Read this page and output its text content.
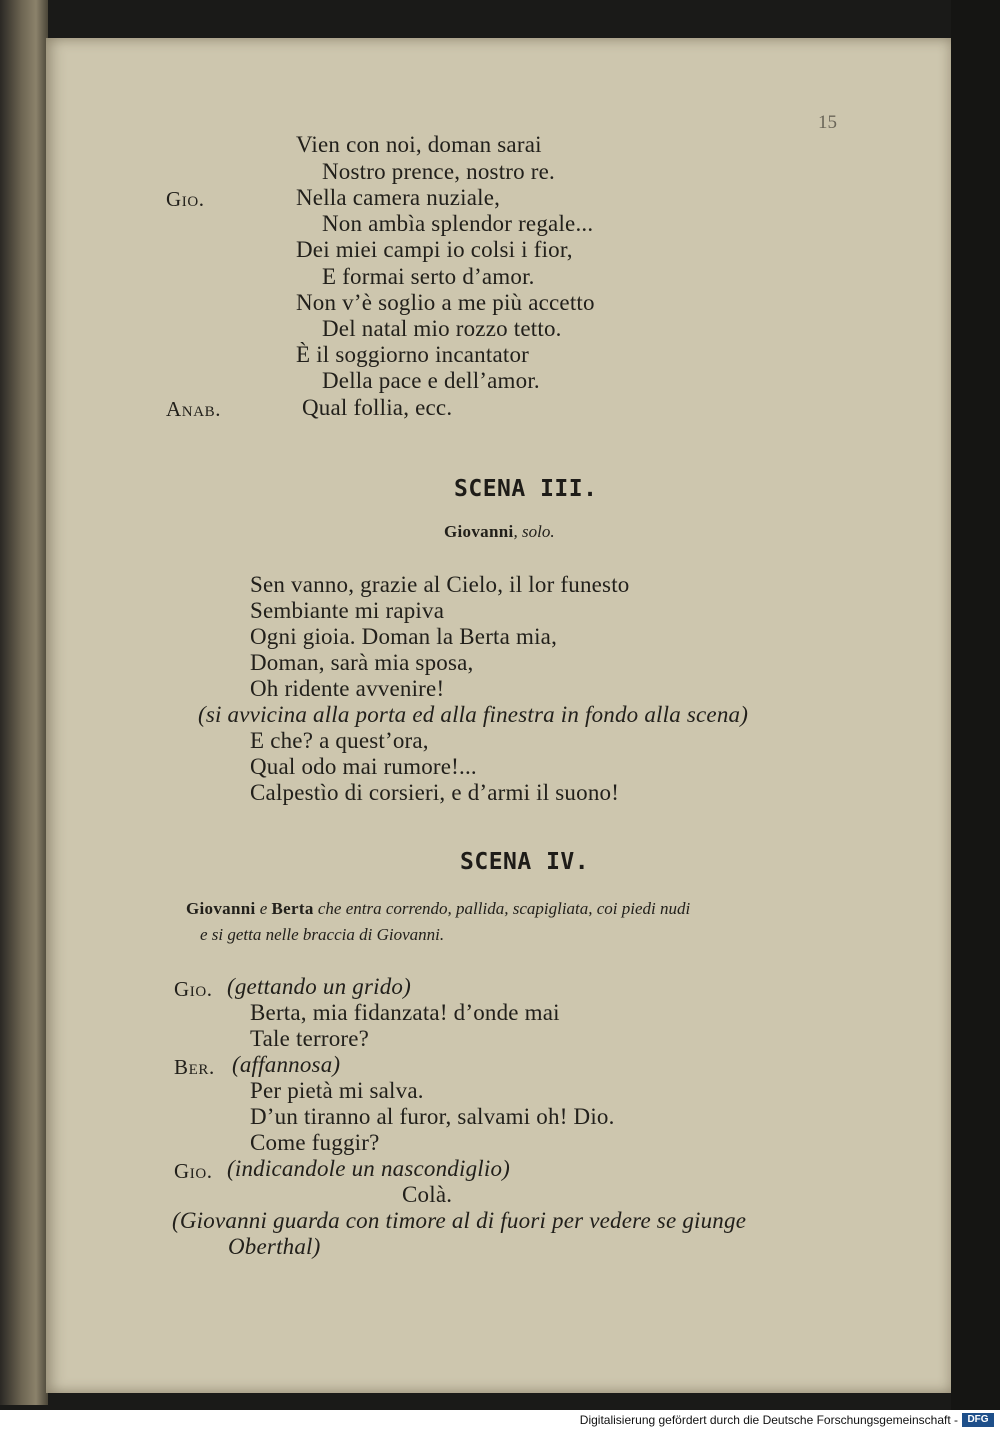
15
Vien con noi, doman sarai
Nostro prence, nostro re.
Gio.	Nella camera nuziale,
Non ambìa splendor regale...
Dei miei campi io colsi i fior,
E formai serto d’amor.
Non v’è soglio a me più accetto
Del natal mio rozzo tetto.
È il soggiorno incantator
Della pace e dell’amor.
Anab.	Qual follia, ecc.
SCENA III.
Giovanni, solo.
Sen vanno, grazie al Cielo, il lor funesto
Sembiante mi rapiva
Ogni gioia. Doman la Berta mia,
Doman, sarà mia sposa,
Oh ridente avvenire!
(si avvicina alla porta ed alla finestra in fondo alla scena)
E che? a quest’ora,
Qual odo mai rumore!...
Calpestìo di corsieri, e d’armi il suono!
SCENA IV.
Giovanni e Berta che entra correndo, pallida, scapigliata, coi piedi nudi
e si getta nelle braccia di Giovanni.
Gio. (gettando un grido)
Berta, mia fidanzata! d’onde mai
Tale terrore?
Ber. (affannosa)
Per pietà mi salva.
D’un tiranno al furor, salvami oh! Dio.
Come fuggir?
Gio. (indicandole un nascondiglio)
Colà.
(Giovanni guarda con timore al di fuori per vedere se giunge
Oberthal)
Digitalisierung gefördert durch die Deutsche Forschungsgemeinschaft - DFG
